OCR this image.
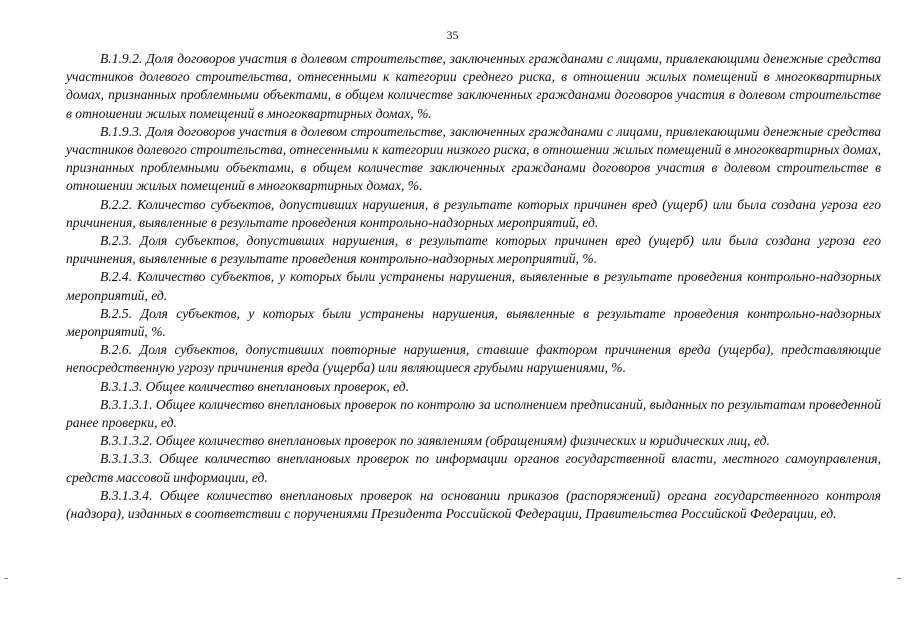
35

В.1.9.2. Доля договоров участия в долевом строительстве, заключенных гражданами с лицами, привлекающими денежные средства участников долевого строительства, отнесенными к категории среднего риска, в отношении жилых помещений в многоквартирных домах, признанных проблемными объектами, в общем количестве заключенных гражданами договоров участия в долевом строительстве в отношении жилых помещений в многоквартирных домах, %.

В.1.9.3. Доля договоров участия в долевом строительстве, заключенных гражданами с лицами, привлекающими денежные средства участников долевого строительства, отнесенными к категории низкого риска, в отношении жилых помещений в многоквартирных домах, признанных проблемными объектами, в общем количестве заключенных гражданами договоров участия в долевом строительстве в отношении жилых помещений в многоквартирных домах, %.

В.2.2. Количество субъектов, допустивших нарушения, в результате которых причинен вред (ущерб) или была создана угроза его причинения, выявленные в результате проведения контрольно-надзорных мероприятий, ед.

В.2.3. Доля субъектов, допустивших нарушения, в результате которых причинен вред (ущерб) или была создана угроза его причинения, выявленные в результате проведения контрольно-надзорных мероприятий, %.

В.2.4. Количество субъектов, у которых были устранены нарушения, выявленные в результате проведения контрольно-надзорных мероприятий, ед.

В.2.5. Доля субъектов, у которых были устранены нарушения, выявленные в результате проведения контрольно-надзорных мероприятий, %.

В.2.6. Доля субъектов, допустивших повторные нарушения, ставшие фактором причинения вреда (ущерба), представляющие непосредственную угрозу причинения вреда (ущерба) или являющиеся грубыми нарушениями, %.

В.3.1.3. Общее количество внеплановых проверок, ед.

В.3.1.3.1. Общее количество внеплановых проверок по контролю за исполнением предписаний, выданных по результатам проведенной ранее проверки, ед.

В.3.1.3.2. Общее количество внеплановых проверок по заявлениям (обращениям) физических и юридических лиц, ед.

В.3.1.3.3. Общее количество внеплановых проверок по информации органов государственной власти, местного самоуправления, средств массовой информации, ед.

В.3.1.3.4. Общее количество внеплановых проверок на основании приказов (распоряжений) органа государственного контроля (надзора), изданных в соответствии с поручениями Президента Российской Федерации, Правительства Российской Федерации, ед.
